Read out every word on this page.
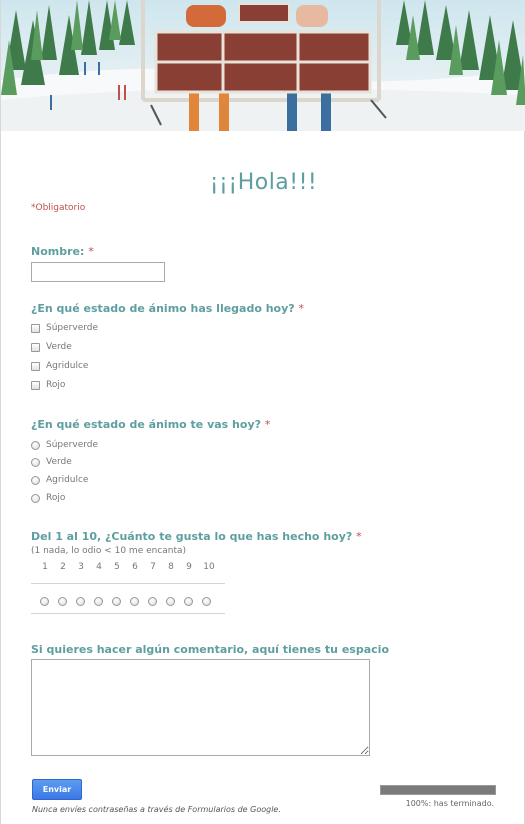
¡¡¡Hola!!!
*Obligatorio
Nombre: *
¿En qué estado de ánimo has llegado hoy? *
Súperverde
Verde
Agridulce
Rojo
¿En qué estado de ánimo te vas hoy? *
Súperverde
Verde
Agridulce
Rojo
Del 1 al 10, ¿Cuánto te gusta lo que has hecho hoy? *
(1 nada, lo odio < 10 me encanta)
1	2	3	4	5	6	7	8	9	10
Si quieres hacer algún comentario, aquí tienes tu espacio
Enviar
100%: has terminado.
Nunca envíes contraseñas a través de Formularios de Google.
